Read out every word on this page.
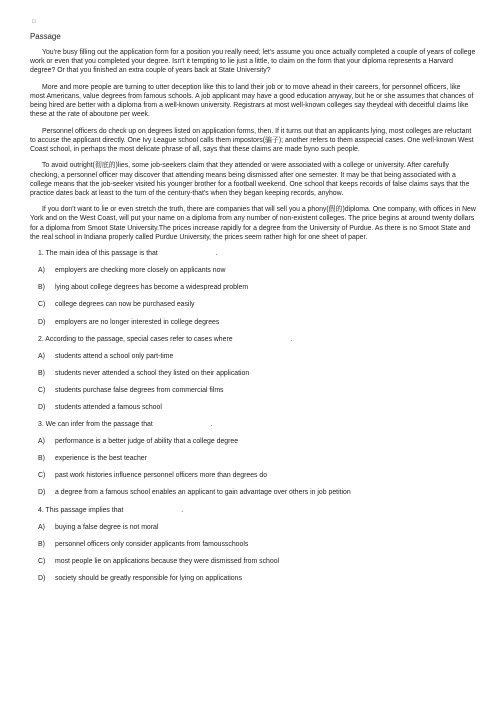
□
Passage

You're busy filling out the application form for a position you really need; let's assume you once actually completed a couple of years of college work or even that you completed your degree. Isn't it tempting to lie just a little, to claim on the form that your diploma represents a Harvard degree? Or that you finished an extra couple of years back at State University?

More and more people are turning to utter deception like this to land their job or to move ahead in their careers, for personnel officers, like most Americans, value degrees from famous schools. A job applicant may have a good education anyway, but he or she assumes that chances of being hired are better with a diploma from a well-known university. Registrars at most well-known colleges say theydeal with deceitful claims like these at the rate of aboutone per week.

Personnel officers do check up on degrees listed on application forms, then. If it turns out that an applicants lying, most colleges are reluctant to accuse the applicant directly. One Ivy League school calls them impostors(骗子); another refers to them asspecial cases. One well-known West Coast school, in perhaps the most delicate phrase of all, says that these claims are made byno such people.

To avoid outright(彻底的)lies, some job-seekers claim that they attended or were associated with a college or university. After carefully checking, a personnel officer may discover that attending means being dismissed after one semester. It may be that being associated with a college means that the job-seeker visited his younger brother for a football weekend. One school that keeps records of false claims says that the practice dates back at least to the turn of the century-that's when they began keeping records, anyhow.

If you don't want to lie or even stretch the truth, there are companies that will sell you a phony(假的)diploma. One company, with offices in New York and on the West Coast, will put your name on a diploma from any number of non-existent colleges. The price begins at around twenty dollars for a diploma from Smoot State University.The prices increase rapidly for a degree from the University of Purdue. As there is no Smoot State and the real school in Indiana properly called Purdue University, the prices seem rather high for one sheet of paper.

1. The main idea of this passage is that	.
A) employers are checking more closely on applicants now
B) lying about college degrees has become a widespread problem
C) college degrees can now be purchased easily
D) employers are no longer interested in college degrees
2. According to the passage, special cases refer to cases where	.
A) students attend a school only part-time
B) students never attended a school they listed on their application
C) students purchase false degrees from commercial films
D) students attended a famous school
3. We can infer from the passage that	.
A) performance is a better judge of ability that a college degree
B) experience is the best teacher
C) past work histories influence personnel officers more than degrees do
D) a degree from a famous school enables an applicant to gain advantage over others in job petition
4. This passage implies that	.
A) buying a false degree is not moral
B) personnel officers only consider applicants from famousschools
C) most people lie on applications because they were dismissed from school
D) society should be greatly responsible for lying on applications
